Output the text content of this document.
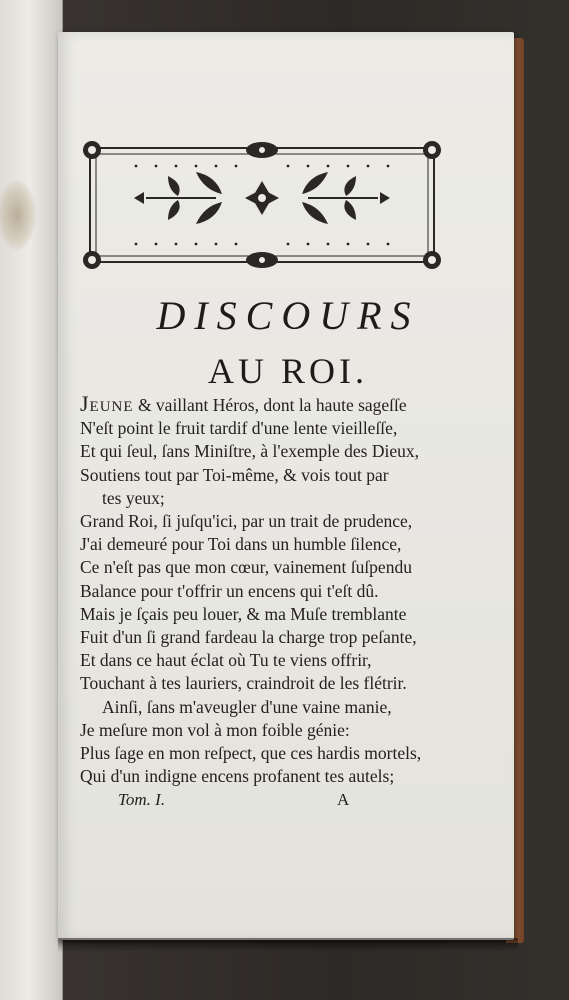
DISCOURS
AU ROI.
Jeune & vaillant Héros, dont la haute sageſſe
N'eſt point le fruit tardif d'une lente vieilleſſe,
Et qui ſeul, ſans Miniſtre, à l'exemple des Dieux,
Soutiens tout par Toi-même, & vois tout par
tes yeux;
Grand Roi, ſi juſqu'ici, par un trait de prudence,
J'ai demeuré pour Toi dans un humble ſilence,
Ce n'eſt pas que mon cœur, vainement ſuſpendu
Balance pour t'offrir un encens qui t'eſt dû.
Mais je ſçais peu louer, & ma Muſe tremblante
Fuit d'un ſi grand fardeau la charge trop peſante,
Et dans ce haut éclat où Tu te viens offrir,
Touchant à tes lauriers, craindroit de les flétrir.
Ainſi, ſans m'aveugler d'une vaine manie,
Je meſure mon vol à mon foible génie:
Plus ſage en mon reſpect, que ces hardis mortels,
Qui d'un indigne encens profanent tes autels;
Tom. I.	A
